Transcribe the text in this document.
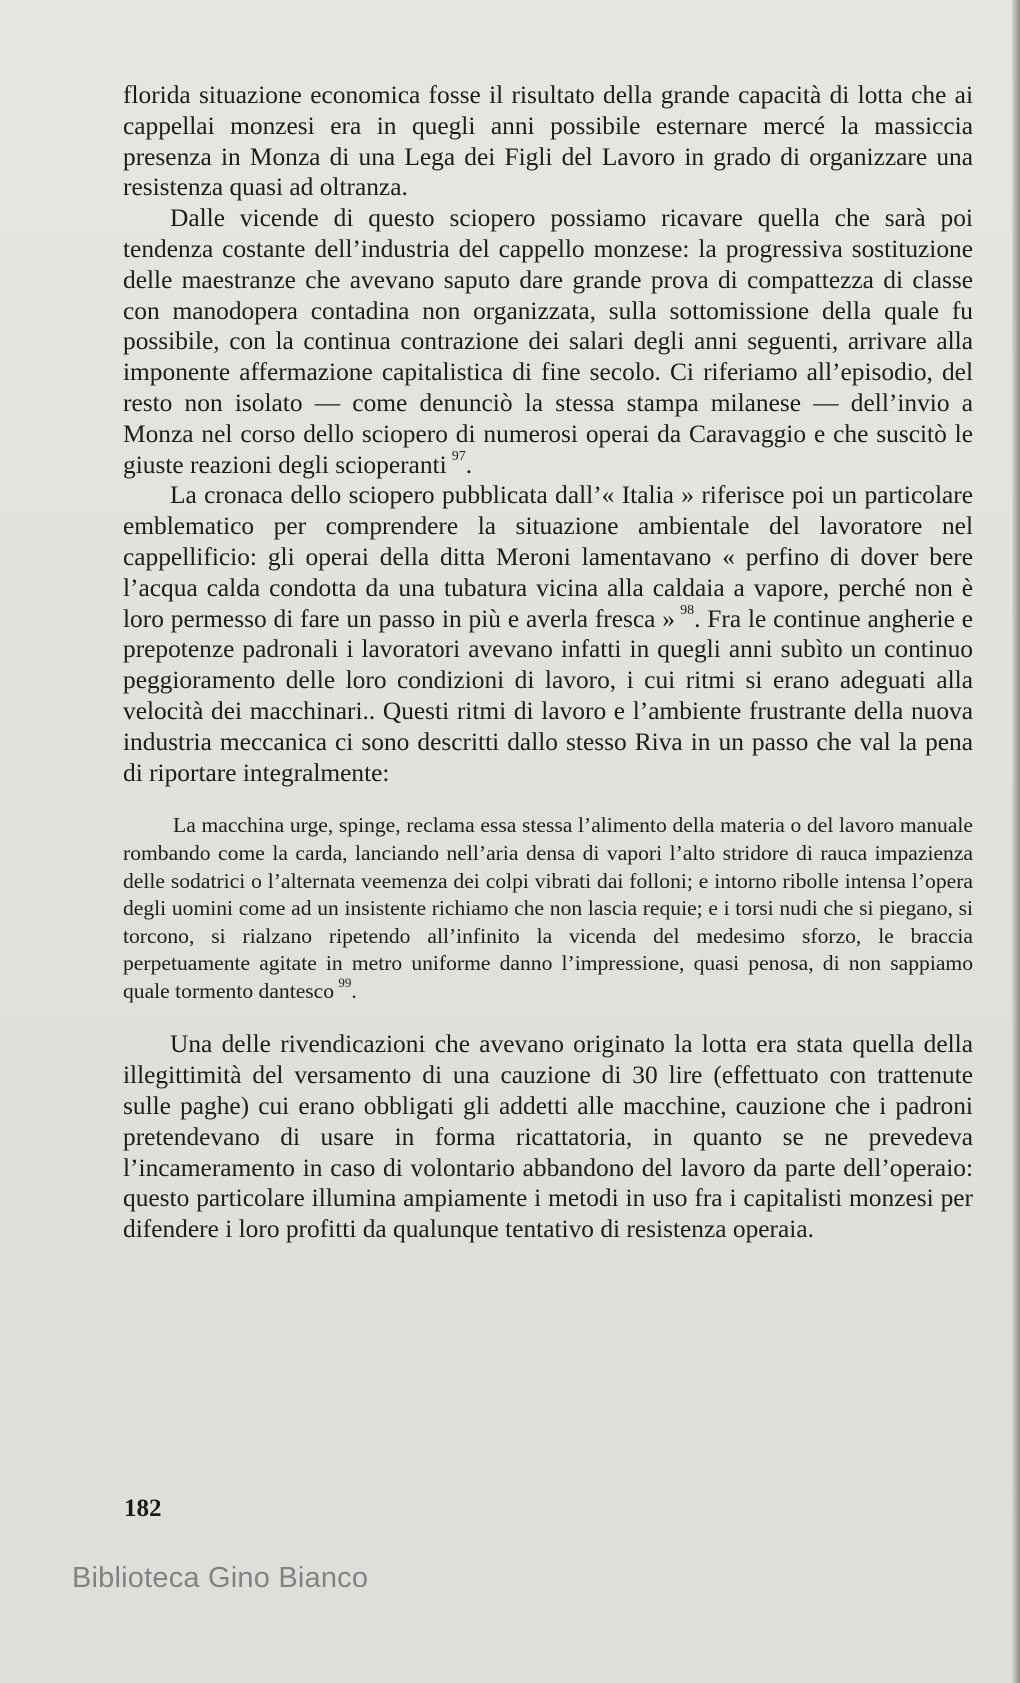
florida situazione economica fosse il risultato della grande capacità di lotta che ai cappellai monzesi era in quegli anni possibile esternare mercé la massiccia presenza in Monza di una Lega dei Figli del Lavoro in grado di organizzare una resistenza quasi ad oltranza.

Dalle vicende di questo sciopero possiamo ricavare quella che sarà poi tendenza costante dell’industria del cappello monzese: la progressiva sostituzione delle maestranze che avevano saputo dare grande prova di compattezza di classe con manodopera contadina non organizzata, sulla sottomissione della quale fu possibile, con la continua contrazione dei salari degli anni seguenti, arrivare alla imponente affermazione capitalistica di fine secolo. Ci riferiamo all’episodio, del resto non isolato — come denunciò la stessa stampa milanese — dell’invio a Monza nel corso dello sciopero di numerosi operai da Caravaggio e che suscitò le giuste reazioni degli scioperanti  $^{97}$.

La cronaca dello sciopero pubblicata dall’« Italia » riferisce poi un particolare emblematico per comprendere la situazione ambientale del lavoratore nel cappellificio: gli operai della ditta Meroni lamentavano « perfino di dover bere l’acqua calda condotta da una tubatura vicina alla caldaia a vapore, perché non è loro permesso di fare un passo in più e averla fresca »  $^{98}$. Fra le continue angherie e prepotenze padronali i lavoratori avevano infatti in quegli anni subìto un continuo peggioramento delle loro condizioni di lavoro, i cui ritmi si erano adeguati alla velocità dei macchinari.. Questi ritmi di lavoro e l’ambiente frustrante della nuova industria meccanica ci sono descritti dallo stesso Riva in un passo che val la pena di riportare integralmente:

La macchina urge, spinge, reclama essa stessa l’alimento della materia o del lavoro manuale rombando come la carda, lanciando nell’aria densa di vapori l’alto stridore di rauca impazienza delle sodatrici o l’alternata veemenza dei colpi vibrati dai folloni; e intorno ribolle intensa l’opera degli uomini come ad un insistente richiamo che non lascia requie; e i torsi nudi che si piegano, si torcono, si rialzano ripetendo all’infinito la vicenda del medesimo sforzo, le braccia perpetuamente agitate in metro uniforme danno l’impressione, quasi penosa, di non sappiamo quale tormento dantesco  $^{99}$.

Una delle rivendicazioni che avevano originato la lotta era stata quella della illegittimità del versamento di una cauzione di 30 lire (effettuato con trattenute sulle paghe) cui erano obbligati gli addetti alle macchine, cauzione che i padroni pretendevano di usare in forma ricattatoria, in quanto se ne prevedeva l’incameramento in caso di volontario abbandono del lavoro da parte dell’operaio: questo particolare illumina ampiamente i metodi in uso fra i capitalisti monzesi per difendere i loro profitti da qualunque tentativo di resistenza operaia.

182
Biblioteca Gino Bianco
